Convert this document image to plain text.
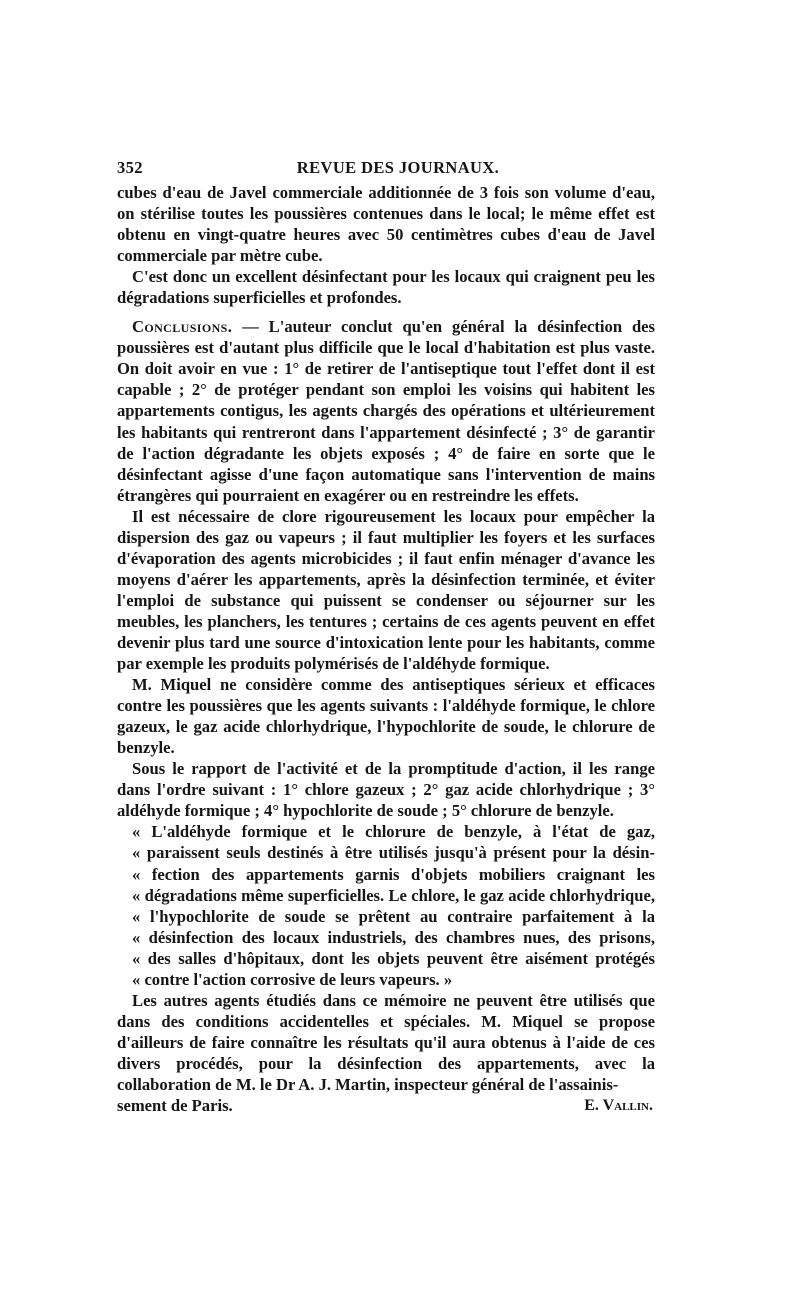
352	REVUE DES JOURNAUX.

cubes d'eau de Javel commerciale additionnée de 3 fois son volume d'eau, on stérilise toutes les poussières contenues dans le local; le même effet est obtenu en vingt-quatre heures avec 50 centimètres cubes d'eau de Javel commerciale par mètre cube.

C'est donc un excellent désinfectant pour les locaux qui craignent peu les dégradations superficielles et profondes.

Conclusions. — L'auteur conclut qu'en général la désinfection des poussières est d'autant plus difficile que le local d'habitation est plus vaste. On doit avoir en vue : 1° de retirer de l'antiseptique tout l'effet dont il est capable ; 2° de protéger pendant son emploi les voisins qui habitent les appartements contigus, les agents chargés des opérations et ultérieurement les habitants qui rentreront dans l'appartement désinfecté ; 3° de garantir de l'action dégradante les objets exposés ; 4° de faire en sorte que le désinfectant agisse d'une façon automatique sans l'intervention de mains étrangères qui pourraient en exagérer ou en restreindre les effets.

Il est nécessaire de clore rigoureusement les locaux pour empêcher la dispersion des gaz ou vapeurs ; il faut multiplier les foyers et les surfaces d'évaporation des agents microbicides ; il faut enfin ménager d'avance les moyens d'aérer les appartements, après la désinfection terminée, et éviter l'emploi de substance qui puissent se condenser ou séjourner sur les meubles, les planchers, les tentures ; certains de ces agents peuvent en effet devenir plus tard une source d'intoxication lente pour les habitants, comme par exemple les produits polymérisés de l'aldéhyde formique.

M. Miquel ne considère comme des antiseptiques sérieux et efficaces contre les poussières que les agents suivants : l'aldéhyde formique, le chlore gazeux, le gaz acide chlorhydrique, l'hypochlorite de soude, le chlorure de benzyle.

Sous le rapport de l'activité et de la promptitude d'action, il les range dans l'ordre suivant : 1° chlore gazeux ; 2° gaz acide chlorhydrique ; 3° aldéhyde formique ; 4° hypochlorite de soude ; 5° chlorure de benzyle.

« L'aldéhyde formique et le chlorure de benzyle, à l'état de gaz,
« paraissent seuls destinés à être utilisés jusqu'à présent pour la désin-
« fection des appartements garnis d'objets mobiliers craignant les
« dégradations même superficielles. Le chlore, le gaz acide chlorhydrique,
« l'hypochlorite de soude se prêtent au contraire parfaitement à la
« désinfection des locaux industriels, des chambres nues, des prisons,
« des salles d'hôpitaux, dont les objets peuvent être aisément protégés
« contre l'action corrosive de leurs vapeurs. »

Les autres agents étudiés dans ce mémoire ne peuvent être utilisés que dans des conditions accidentelles et spéciales. M. Miquel se propose d'ailleurs de faire connaître les résultats qu'il aura obtenus à l'aide de ces divers procédés, pour la désinfection des appartements, avec la collaboration de M. le Dr A. J. Martin, inspecteur général de l'assainis-

sement de Paris.	E. Vallin.
